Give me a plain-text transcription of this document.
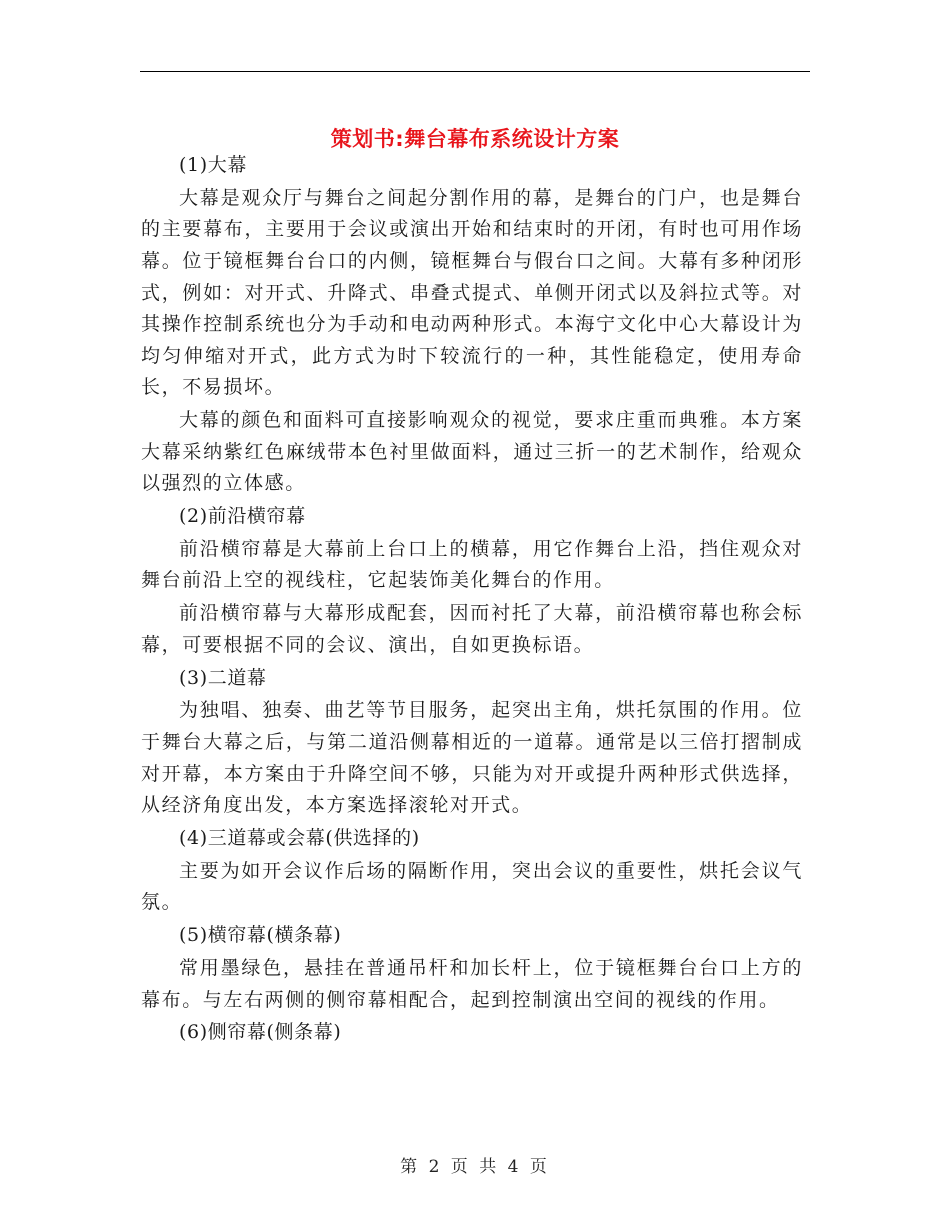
策划书:舞台幕布系统设计方案

(1)大幕

大幕是观众厅与舞台之间起分割作用的幕，是舞台的门户，也是舞台的主要幕布，主要用于会议或演出开始和结束时的开闭，有时也可用作场幕。位于镜框舞台台口的内侧，镜框舞台与假台口之间。大幕有多种闭形式，例如：对开式、升降式、串叠式提式、单侧开闭式以及斜拉式等。对其操作控制系统也分为手动和电动两种形式。本海宁文化中心大幕设计为均匀伸缩对开式，此方式为时下较流行的一种，其性能稳定，使用寿命长，不易损坏。

大幕的颜色和面料可直接影响观众的视觉，要求庄重而典雅。本方案大幕采纳紫红色麻绒带本色衬里做面料，通过三折一的艺术制作，给观众以强烈的立体感。

(2)前沿横帘幕

前沿横帘幕是大幕前上台口上的横幕，用它作舞台上沿，挡住观众对舞台前沿上空的视线柱，它起装饰美化舞台的作用。

前沿横帘幕与大幕形成配套，因而衬托了大幕，前沿横帘幕也称会标幕，可要根据不同的会议、演出，自如更换标语。

(3)二道幕

为独唱、独奏、曲艺等节目服务，起突出主角，烘托氛围的作用。位于舞台大幕之后，与第二道沿侧幕相近的一道幕。通常是以三倍打摺制成对开幕，本方案由于升降空间不够，只能为对开或提升两种形式供选择，从经济角度出发，本方案选择滚轮对开式。

(4)三道幕或会幕(供选择的)

主要为如开会议作后场的隔断作用，突出会议的重要性，烘托会议气氛。

(5)横帘幕(横条幕)

常用墨绿色，悬挂在普通吊杆和加长杆上，位于镜框舞台台口上方的幕布。与左右两侧的侧帘幕相配合，起到控制演出空间的视线的作用。

(6)侧帘幕(侧条幕)

第 2 页 共 4 页
